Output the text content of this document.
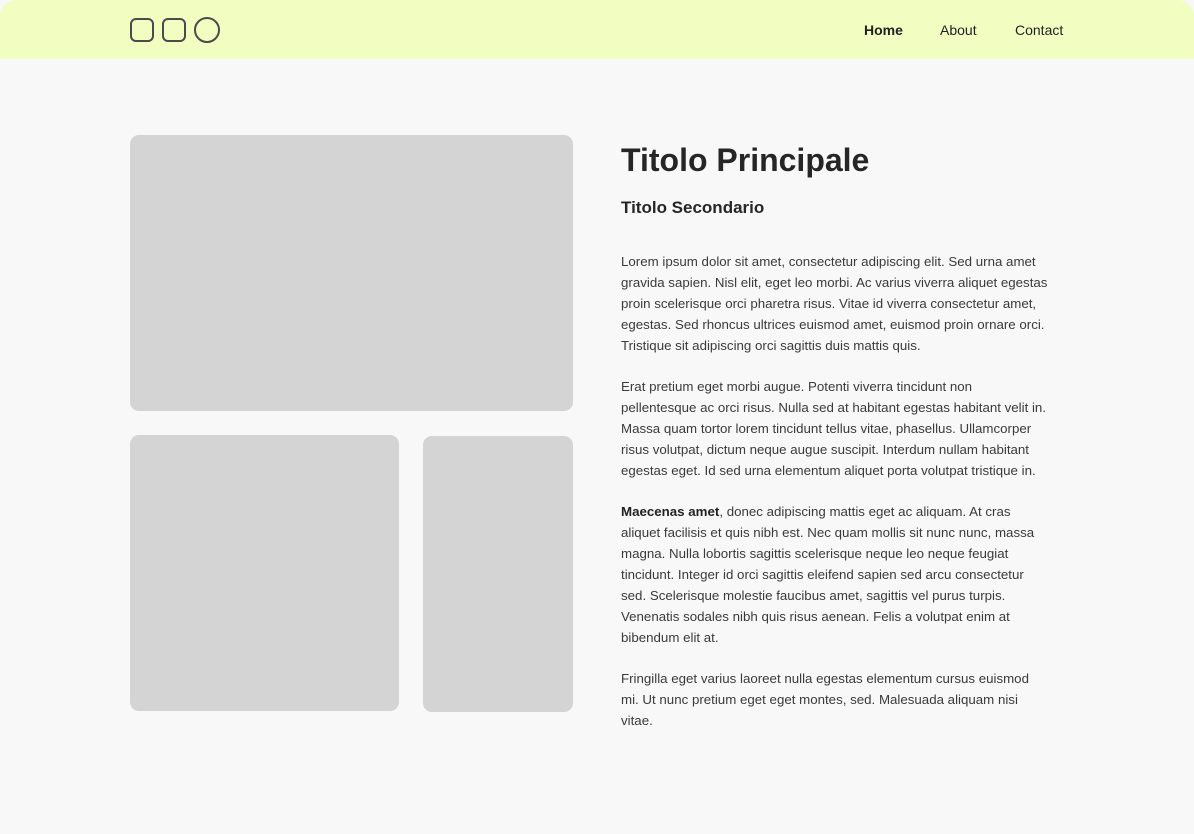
Home	About	Contact
Titolo Principale
Titolo Secondario

Lorem ipsum dolor sit amet, consectetur adipiscing elit. Sed urna amet
gravida sapien. Nisl elit, eget leo morbi. Ac varius viverra aliquet egestas
proin scelerisque orci pharetra risus. Vitae id viverra consectetur amet,
egestas. Sed rhoncus ultrices euismod amet, euismod proin ornare orci.
Tristique sit adipiscing orci sagittis duis mattis quis.

Erat pretium eget morbi augue. Potenti viverra tincidunt non
pellentesque ac orci risus. Nulla sed at habitant egestas habitant velit in.
Massa quam tortor lorem tincidunt tellus vitae, phasellus. Ullamcorper
risus volutpat, dictum neque augue suscipit. Interdum nullam habitant
egestas eget. Id sed urna elementum aliquet porta volutpat tristique in.

Maecenas amet, donec adipiscing mattis eget ac aliquam. At cras
aliquet facilisis et quis nibh est. Nec quam mollis sit nunc nunc, massa
magna. Nulla lobortis sagittis scelerisque neque leo neque feugiat
tincidunt. Integer id orci sagittis eleifend sapien sed arcu consectetur
sed. Scelerisque molestie faucibus amet, sagittis vel purus turpis.
Venenatis sodales nibh quis risus aenean. Felis a volutpat enim at
bibendum elit at.

Fringilla eget varius laoreet nulla egestas elementum cursus euismod
mi. Ut nunc pretium eget eget montes, sed. Malesuada aliquam nisi
vitae.
